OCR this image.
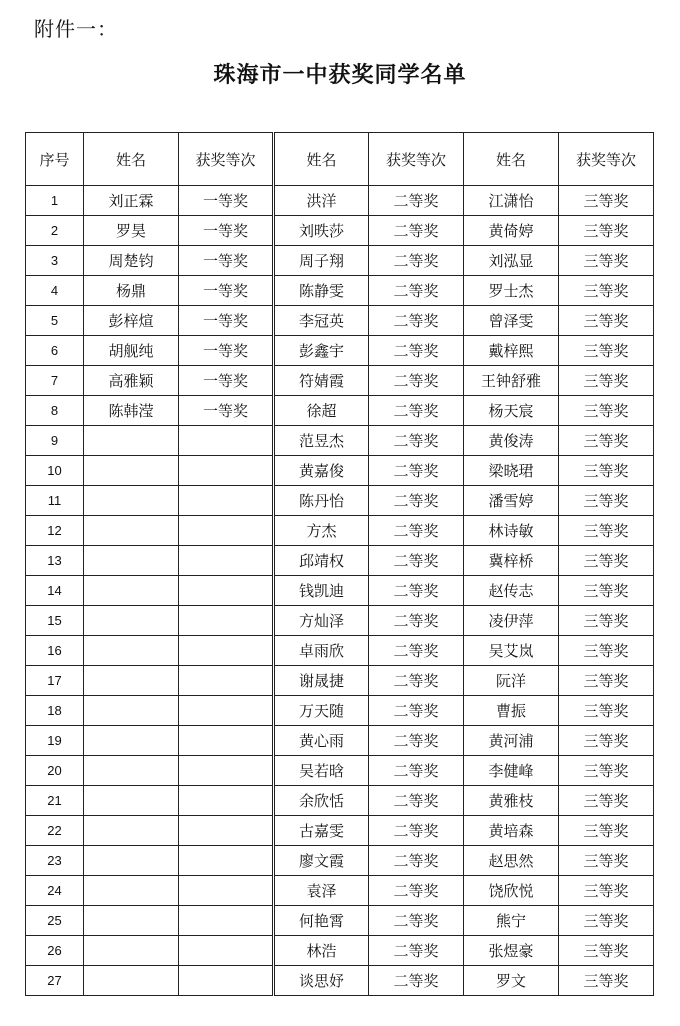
附件一：
珠海市一中获奖同学名单
序号	姓名	获奖等次	姓名	获奖等次	姓名	获奖等次
1	刘正霖	一等奖	洪洋	二等奖	江潇怡	三等奖
2	罗昊	一等奖	刘昳莎	二等奖	黄倚婷	三等奖
3	周楚钧	一等奖	周子翔	二等奖	刘泓显	三等奖
4	杨鼎	一等奖	陈静雯	二等奖	罗士杰	三等奖
5	彭梓煊	一等奖	李冠英	二等奖	曾泽雯	三等奖
6	胡舰纯	一等奖	彭鑫宇	二等奖	戴梓熙	三等奖
7	高雅颖	一等奖	符婧霞	二等奖	王钟舒雅	三等奖
8	陈韩滢	一等奖	徐超	二等奖	杨天宸	三等奖
9			范昱杰	二等奖	黄俊涛	三等奖
10			黄嘉俊	二等奖	梁晓珺	三等奖
11			陈丹怡	二等奖	潘雪婷	三等奖
12			方杰	二等奖	林诗敏	三等奖
13			邱靖权	二等奖	冀梓桥	三等奖
14			钱凯迪	二等奖	赵传志	三等奖
15			方灿泽	二等奖	凌伊萍	三等奖
16			卓雨欣	二等奖	吴艾岚	三等奖
17			谢晟捷	二等奖	阮洋	三等奖
18			万天随	二等奖	曹振	三等奖
19			黄心雨	二等奖	黄河浦	三等奖
20			吴若晗	二等奖	李健峰	三等奖
21			余欣恬	二等奖	黄雅枝	三等奖
22			古嘉雯	二等奖	黄培森	三等奖
23			廖文霞	二等奖	赵思然	三等奖
24			袁泽	二等奖	饶欣悦	三等奖
25			何艳霄	二等奖	熊宁	三等奖
26			林浩	二等奖	张煜豪	三等奖
27			谈思妤	二等奖	罗文	三等奖
